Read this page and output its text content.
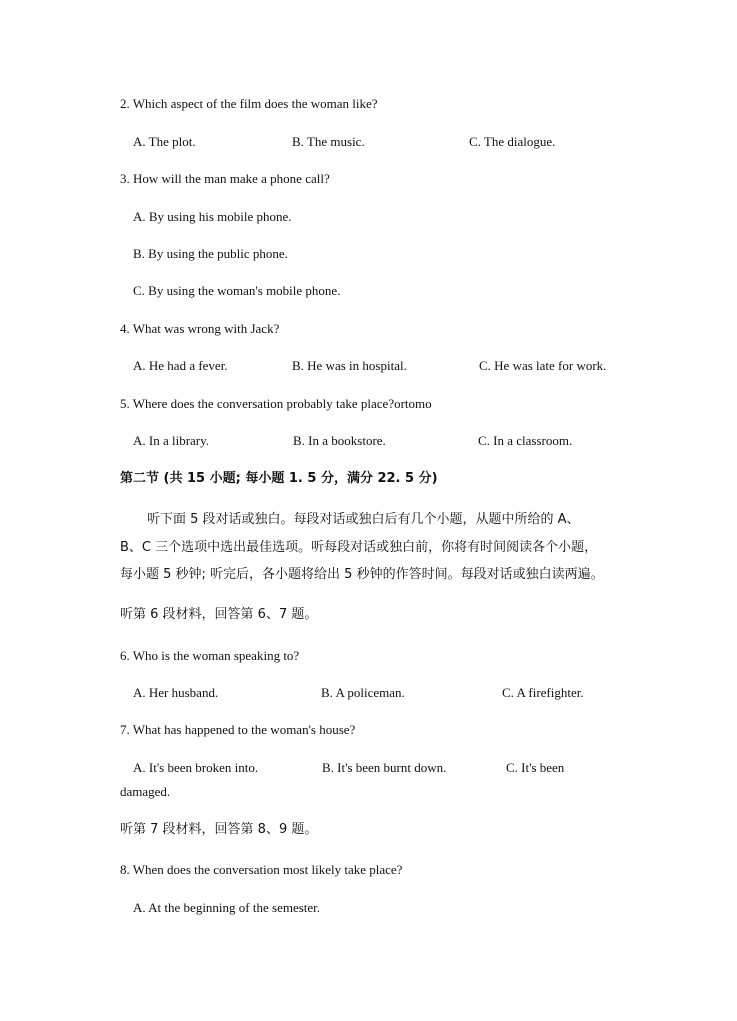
2. Which aspect of the film does the woman like?
A. The plot.	B. The music.	C. The dialogue.
3. How will the man make a phone call?
A. By using his mobile phone.
B. By using the public phone.
C. By using the woman's mobile phone.
4. What was wrong with Jack?
A. He had a fever.	B. He was in hospital.	C. He was late for work.
5. Where does the conversation probably take place?ortomo
A. In a library.	B. In a bookstore.	C. In a classroom.
第二节 (共 15 小题; 每小题 1. 5 分，满分 22. 5 分)
听下面 5 段对话或独白。每段对话或独白后有几个小题，从题中所给的 A、
B、C 三个选项中选出最佳选项。听每段对话或独白前，你将有时间阅读各个小题，
每小题 5 秒钟; 听完后，各小题将给出 5 秒钟的作答时间。每段对话或独白读两遍。
听第 6 段材料，回答第 6、7 题。
6. Who is the woman speaking to?
A. Her husband.	B. A policeman.	C. A firefighter.
7. What has happened to the woman's house?
A. It's been broken into.	B. It's been burnt down.	C. It's been
damaged.
听第 7 段材料，回答第 8、9 题。
8. When does the conversation most likely take place?
A. At the beginning of the semester.
